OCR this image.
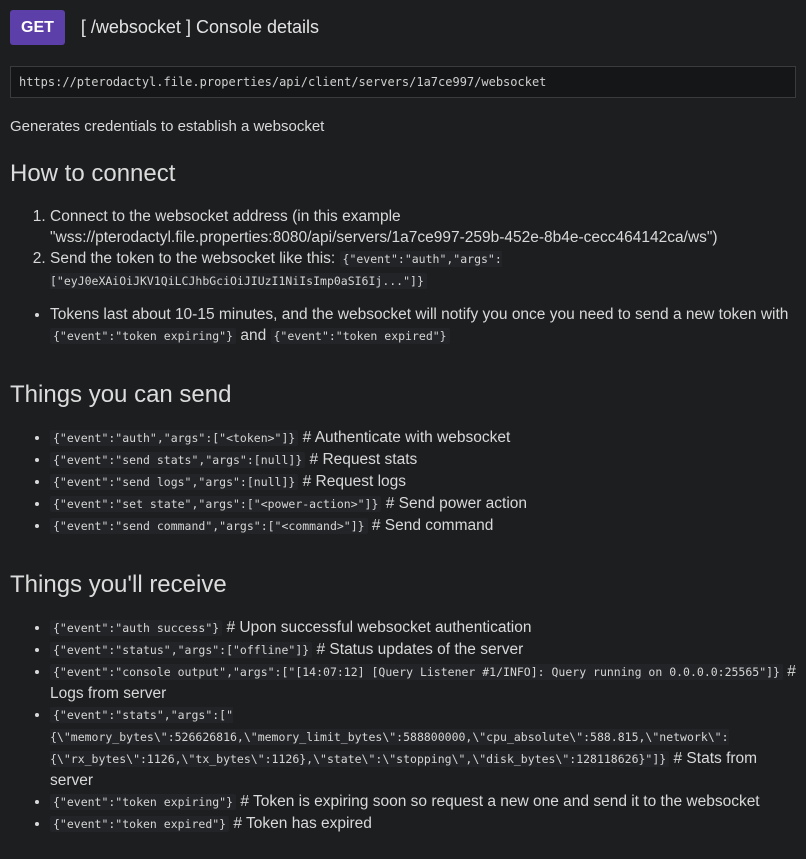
GET	[ /websocket ] Console details
https://pterodactyl.file.properties/api/client/servers/1a7ce997/websocket
Generates credentials to establish a websocket
How to connect
1. Connect to the websocket address (in this example "wss://pterodactyl.file.properties:8080/api/servers/1a7ce997-259b-452e-8b4e-cecc464142ca/ws")
2. Send the token to the websocket like this: {"event":"auth","args":["eyJ0eXAiOiJKV1QiLCJhbGciOiJIUzI1NiIsImp0aSI6Ij..."]}
• Tokens last about 10-15 minutes, and the websocket will notify you once you need to send a new token with {"event":"token expiring"} and {"event":"token expired"}
Things you can send
• {"event":"auth","args":["<token>"]} # Authenticate with websocket
• {"event":"send stats","args":[null]} # Request stats
• {"event":"send logs","args":[null]} # Request logs
• {"event":"set state","args":["<power-action>"]} # Send power action
• {"event":"send command","args":["<command>"]} # Send command
Things you'll receive
• {"event":"auth success"} # Upon successful websocket authentication
• {"event":"status","args":["offline"]} # Status updates of the server
• {"event":"console output","args":["[14:07:12] [Query Listener #1/INFO]: Query running on 0.0.0.0:25565"]} # Logs from server
• {"event":"stats","args":["{\"memory_bytes\":526626816,\"memory_limit_bytes\":588800000,\"cpu_absolute\":588.815,\"network\":{\"rx_bytes\":1126,\"tx_bytes\":1126},\"state\":\"stopping\",\"disk_bytes\":128118626}"]} # Stats from server
• {"event":"token expiring"} # Token is expiring soon so request a new one and send it to the websocket
• {"event":"token expired"} # Token has expired
